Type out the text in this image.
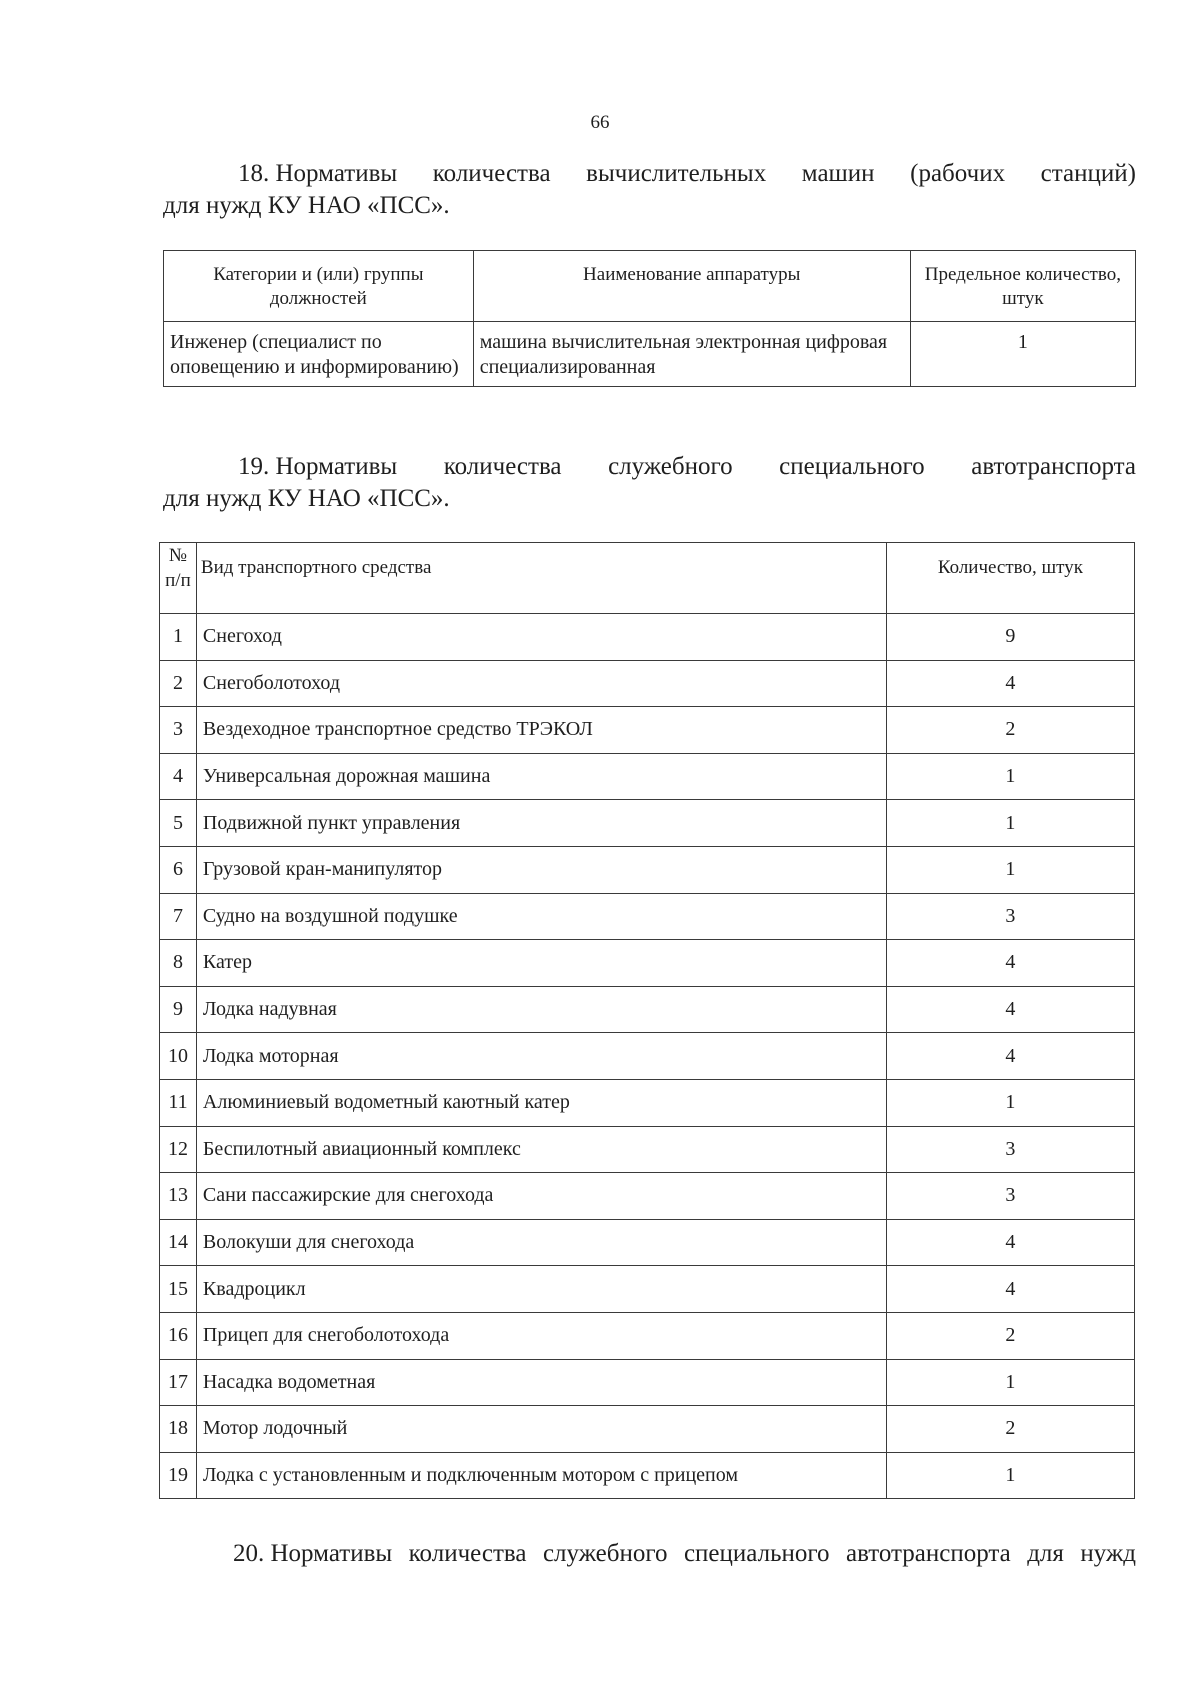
66
18. Нормативы количества вычислительных машин (рабочих станций)
для нужд КУ НАО «ПСС».
Категории и (или) группы должностей	Наименование аппаратуры	Предельное количество, штук
Инженер (специалист по оповещению и информированию)	машина вычислительная электронная цифровая специализированная	1
19. Нормативы количества служебного специального автотранспорта
для нужд КУ НАО «ПСС».
№ п/п	Вид транспортного средства	Количество, штук
1	Снегоход	9
2	Снегоболотоход	4
3	Вездеходное транспортное средство ТРЭКОЛ	2
4	Универсальная дорожная машина	1
5	Подвижной пункт управления	1
6	Грузовой кран-манипулятор	1
7	Судно на воздушной подушке	3
8	Катер	4
9	Лодка надувная	4
10	Лодка моторная	4
11	Алюминиевый водометный каютный катер	1
12	Беспилотный авиационный комплекс	3
13	Сани пассажирские для снегохода	3
14	Волокуши для снегохода	4
15	Квадроцикл	4
16	Прицеп для снегоболотохода	2
17	Насадка водометная	1
18	Мотор лодочный	2
19	Лодка с установленным и подключенным мотором с прицепом	1
20. Нормативы количества служебного специального автотранспорта для нужд
